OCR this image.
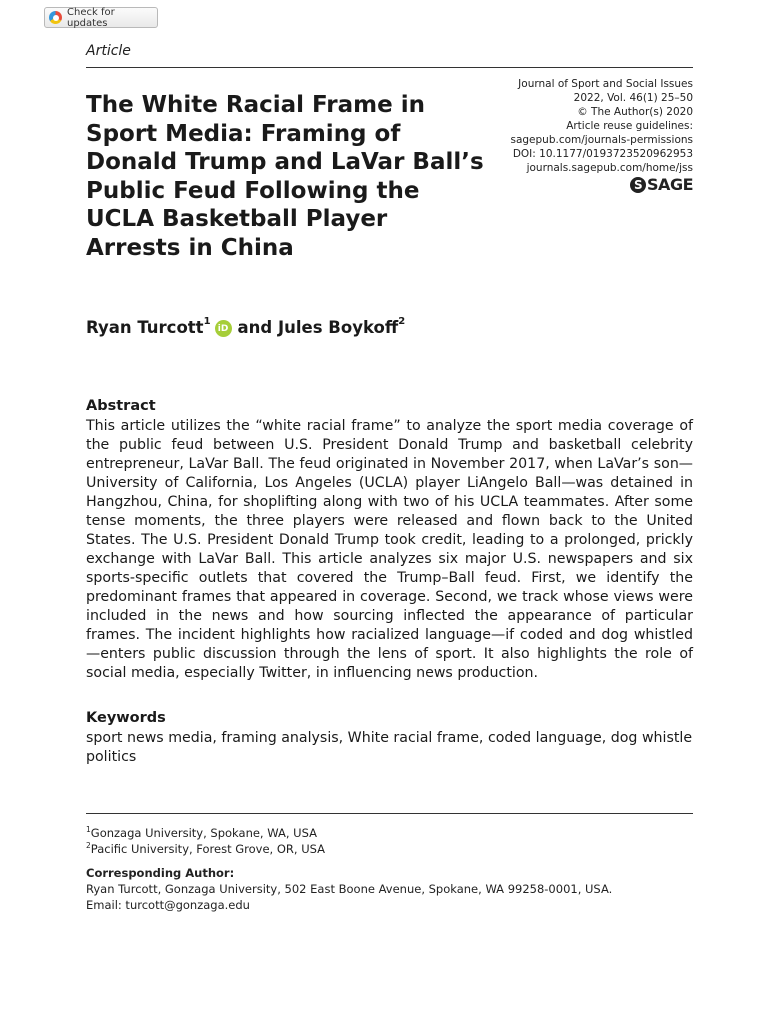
Check for updates
Article
The White Racial Frame in Sport Media: Framing of Donald Trump and LaVar Ball’s Public Feud Following the UCLA Basketball Player Arrests in China
Journal of Sport and Social Issues
2022, Vol. 46(1) 25–50
© The Author(s) 2020
Article reuse guidelines:
sagepub.com/journals-permissions
DOI: 10.1177/0193723520962953
journals.sagepub.com/home/jss
S SAGE
Ryan Turcott$^1$
iD and
Jules Boykoff$^2$
Abstract

This article utilizes the “white racial frame” to analyze the sport media coverage of the public feud between U.S. President Donald Trump and basketball celebrity entrepreneur, LaVar Ball. The feud originated in November 2017, when LaVar’s son—University of California, Los Angeles (UCLA) player LiAngelo Ball—was detained in Hangzhou, China, for shoplifting along with two of his UCLA teammates. After some tense moments, the three players were released and flown back to the United States. The U.S. President Donald Trump took credit, leading to a prolonged, prickly exchange with LaVar Ball. This article analyzes six major U.S. newspapers and six sports-specific outlets that covered the Trump–Ball feud. First, we identify the predominant frames that appeared in coverage. Second, we track whose views were included in the news and how sourcing inflected the appearance of particular frames. The incident highlights how racialized language—if coded and dog whistled—enters public discussion through the lens of sport. It also highlights the role of social media, especially Twitter, in influencing news production.

Keywords

sport news media, framing analysis, White racial frame, coded language, dog whistle politics

$^1$Gonzaga University, Spokane, WA, USA
$^2$Pacific University, Forest Grove, OR, USA
Corresponding Author:
Ryan Turcott, Gonzaga University, 502 East Boone Avenue, Spokane, WA 99258-0001, USA.
Email: turcott@gonzaga.edu
